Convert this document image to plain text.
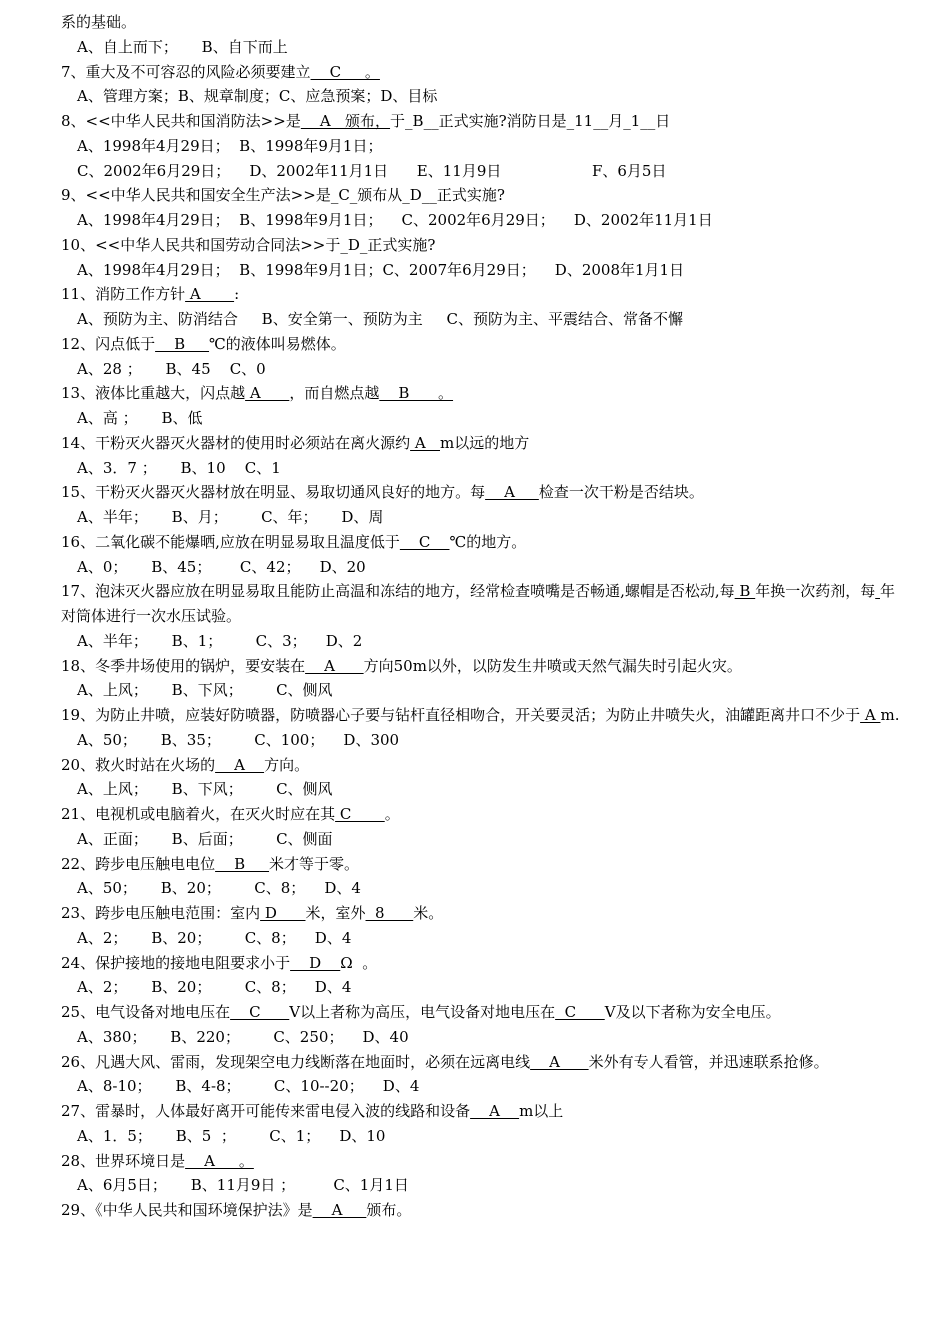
系的基础。
A、自上而下；     B、自下而上
7、重大及不可容忍的风险必须要建立    C     。
A、管理方案；B、规章制度；C、应急预案；D、目标
8、<<中华人民共和国消防法>>是    A   颁布，于_B__正式实施?消防日是_11__月_1__日
A、1998年4月29日；  B、1998年9月1日；
C、2002年6月29日；    D、2002年11月1日      E、11月9日                   F、6月5日
9、<<中华人民共和国安全生产法>>是_C_颁布从_D__正式实施?
A、1998年4月29日；  B、1998年9月1日；    C、2002年6月29日；    D、2002年11月1日
10、<<中华人民共和国劳动合同法>>于_D_正式实施?
A、1998年4月29日；  B、1998年9月1日；C、2007年6月29日；    D、2008年1月1日
11、消防工作方针 A       :
A、预防为主、防消结合     B、安全第一、预防为主     C、预防为主、平震结合、常备不懈
12、闪点低于    B     ℃的液体叫易燃体。
A、28 ；     B、45    C、0
13、液体比重越大，闪点越 A      ，而自燃点越    B      。
A、高 ；     B、低
14、干粉灭火器灭火器材的使用时必须站在离火源约 A   m以远的地方
A、3．7 ；     B、10    C、1
15、干粉灭火器灭火器材放在明显、易取切通风良好的地方。每    A     检查一次干粉是否结块。
A、半年；     B、月；       C、年；     D、周
16、二氧化碳不能爆晒,应放在明显易取且温度低于    C    ℃的地方。
A、0；     B、45；      C、42；    D、20
17、泡沫灭火器应放在明显易取且能防止高温和冻结的地方，经常检查喷嘴是否畅通,螺帽是否松动,每 B 年换一次药剂，每 年对筒体进行一次水压试验。
A、半年；     B、1；       C、3；    D、2
18、冬季井场使用的锅炉，要安装在    A      方向50m以外，以防发生井喷或天然气漏失时引起火灾。
A、上风；     B、下风；       C、侧风
19、为防止井喷，应装好防喷器，防喷器心子要与钻杆直径相吻合，开关要灵活；为防止井喷失火，油罐距离井口不少于 A m.
A、50；     B、35；       C、100；    D、300
20、救火时站在火场的    A    方向。
A、上风；     B、下风；       C、侧风
21、电视机或电脑着火，在灭火时应在其 C       。
A、正面；     B、后面；       C、侧面
22、跨步电压触电电位    B     米才等于零。
A、50；     B、20；       C、8；    D、4
23、跨步电压触电范围：室内 D      米，室外  8      米。
A、2；     B、20；       C、8；    D、4
24、保护接地的接地电阻要求小于    D    Ω  。
A、2；     B、20；       C、8；    D、4
25、电气设备对地电压在    C      V以上者称为高压，电气设备对地电压在  C      V及以下者称为安全电压。
A、380；     B、220；       C、250；    D、40
26、凡遇大风、雷雨，发现架空电力线断落在地面时，必须在远离电线    A      米外有专人看管，并迅速联系抢修。
A、8-10；     B、4-8；       C、10--20；    D、4
27、雷暴时，人体最好离开可能传来雷电侵入波的线路和设备    A    m以上
A、1．5；     B、5  ；       C、1；    D、10
28、世界环境日是    A     。
A、6月5日；     B、11月9日 ；        C、1月1日
29、《中华人民共和国环境保护法》是    A     颁布。
